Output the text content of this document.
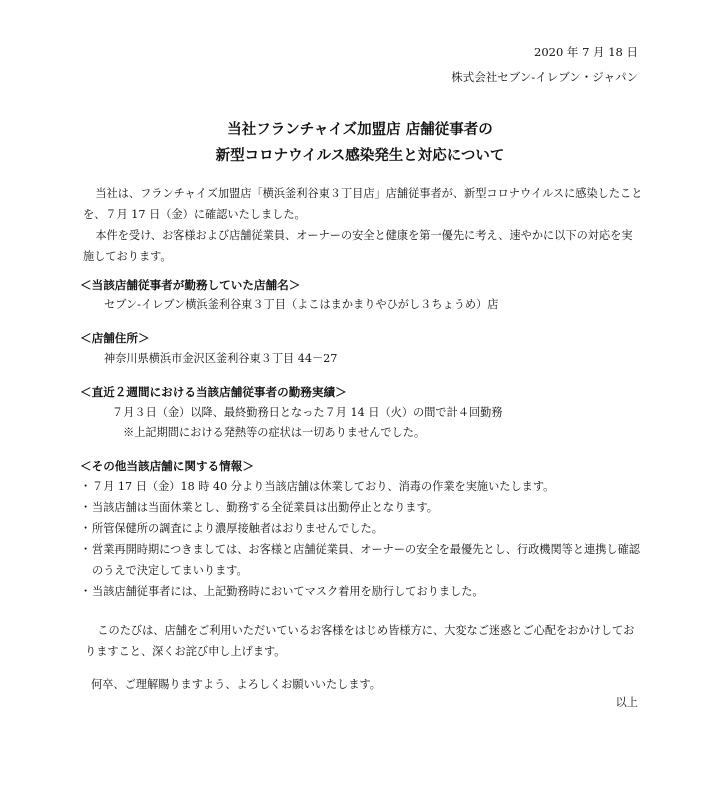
2020 年 7 月 18 日
株式会社セブン‐イレブン・ジャパン
当社フランチャイズ加盟店 店舗従事者の
新型コロナウイルス感染発生と対応について

当社は、フランチャイズ加盟店「横浜釜利谷東３丁目店」店舗従事者が、新型コロナウイルスに感染したことを、７月 17 日（金）に確認いたしました。

本件を受け、お客様および店舗従業員、オーナーの安全と健康を第一優先に考え、速やかに以下の対応を実施しております。

＜当該店舗従事者が勤務していた店舗名＞
セブン‐イレブン横浜釜利谷東３丁目（よこはまかまりやひがし３ちょうめ）店
＜店舗住所＞
神奈川県横浜市金沢区釜利谷東３丁目 44－27
＜直近２週間における当該店舗従事者の勤務実績＞
７月３日（金）以降、最終勤務日となった７月 14 日（火）の間で計４回勤務
※上記期間における発熱等の症状は一切ありませんでした。
＜その他当該店舗に関する情報＞
・ ７月 17 日（金）18 時 40 分より当該店舗は休業しており、消毒の作業を実施いたします。
・ 当該店舗は当面休業とし、勤務する全従業員は出勤停止となります。
・ 所管保健所の調査により濃厚接触者はおりませんでした。
・ 営業再開時期につきましては、お客様と店舗従業員、オーナーの安全を最優先とし、行政機関等と連携し確認のうえで決定してまいります。
・ 当該店舗従事者には、上記勤務時においてマスク着用を励行しておりました。

このたびは、店舗をご利用いただいているお客様をはじめ皆様方に、大変なご迷惑とご心配をおかけしておりますこと、深くお詫び申し上げます。

何卒、ご理解賜りますよう、よろしくお願いいたします。

以上
